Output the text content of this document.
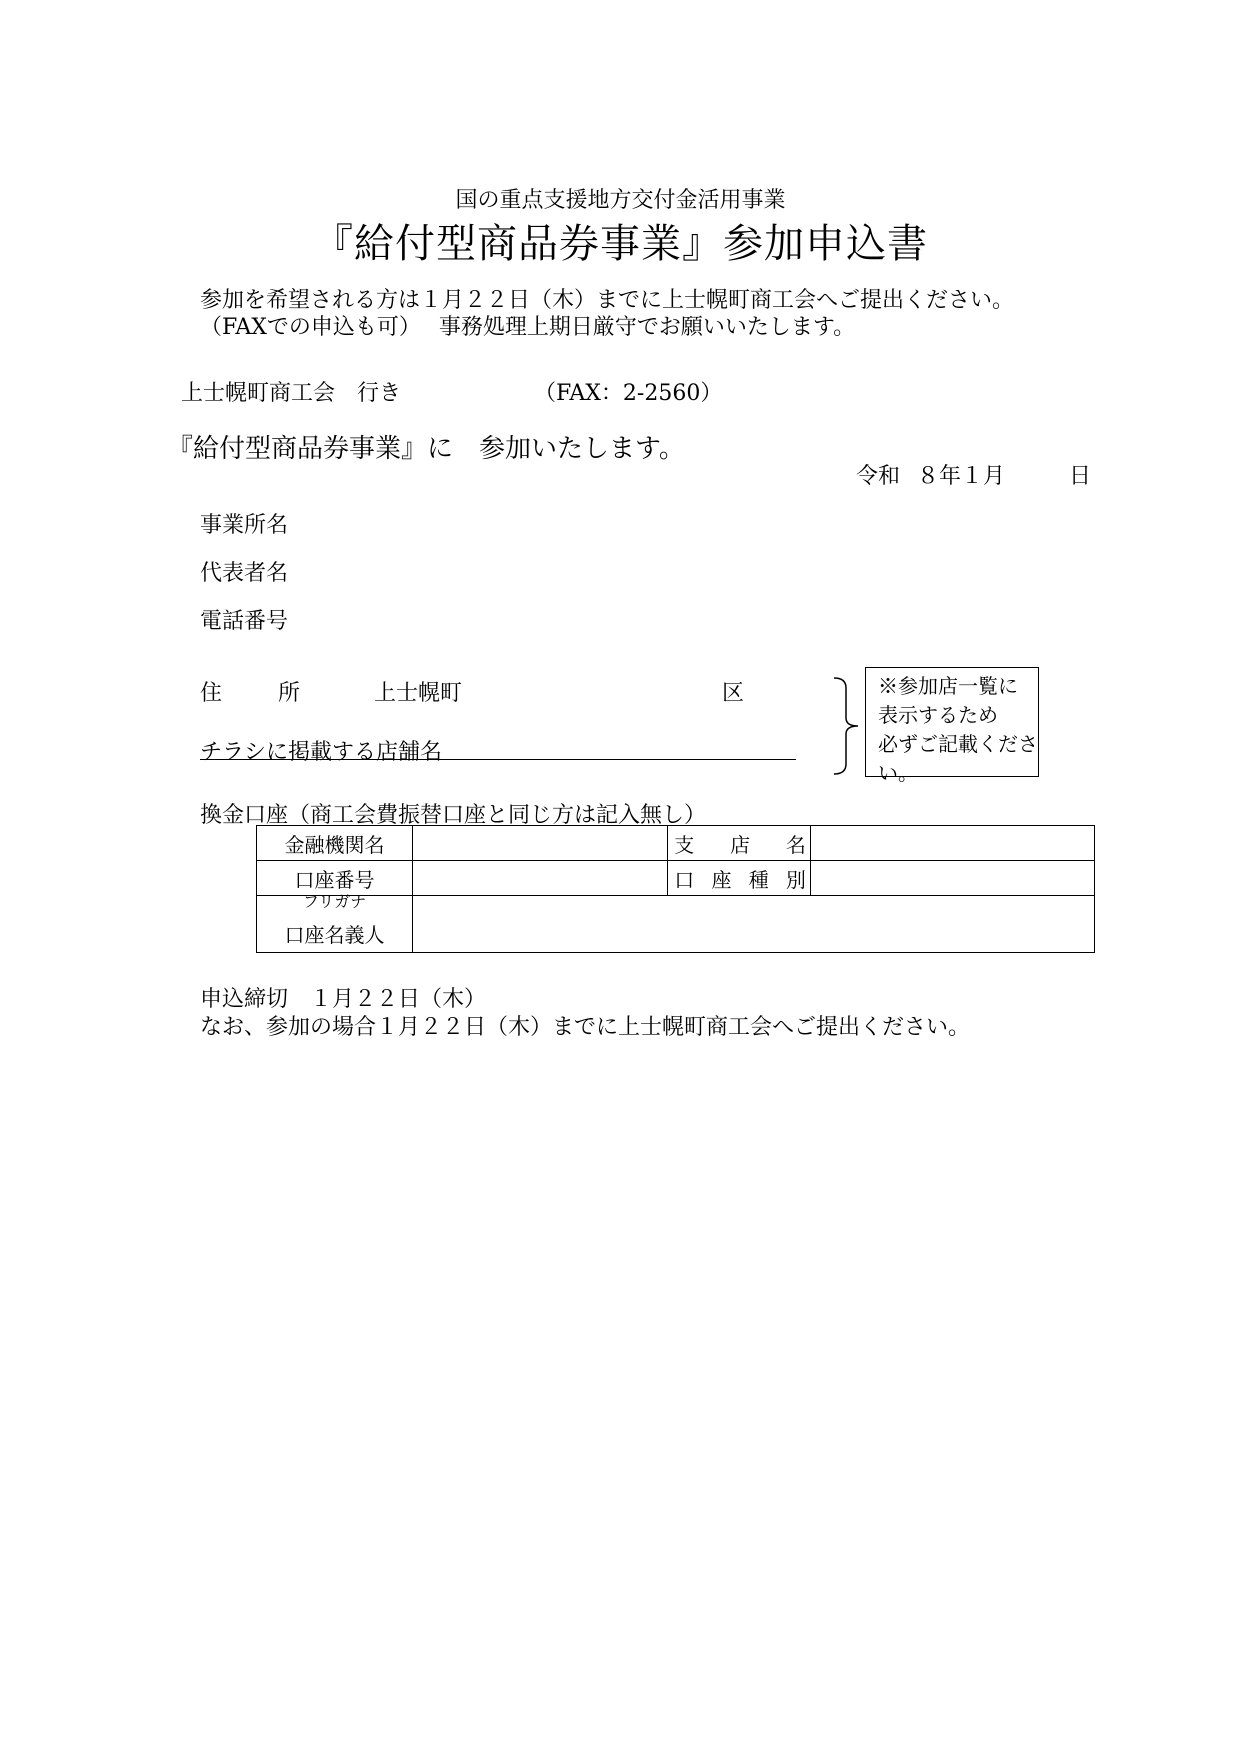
国の重点支援地方交付金活用事業
『給付型商品券事業』参加申込書
参加を希望される方は１月２２日（木）までに上士幌町商工会へご提出ください。
（FAXでの申込も可）　 事務処理上期日厳守でお願いいたします。
上士幌町商工会　行き	（FAX：2-2560）
『給付型商品券事業』に　参加いたします。
令和 ８年１月	日
事業所名
代表者名
電話番号
住　　所	上士幌町	区
チラシに掲載する店舗名
※参加店一覧に
表示するため
必ずご記載ください。
換金口座（商工会費振替口座と同じ方は記入無し）
金融機関名		支 店 名	

口座番号		口 座 種 別	

フリガナ
口座名義人			

申込締切　１月２２日（木）
なお、参加の場合１月２２日（木）までに上士幌町商工会へご提出ください。
